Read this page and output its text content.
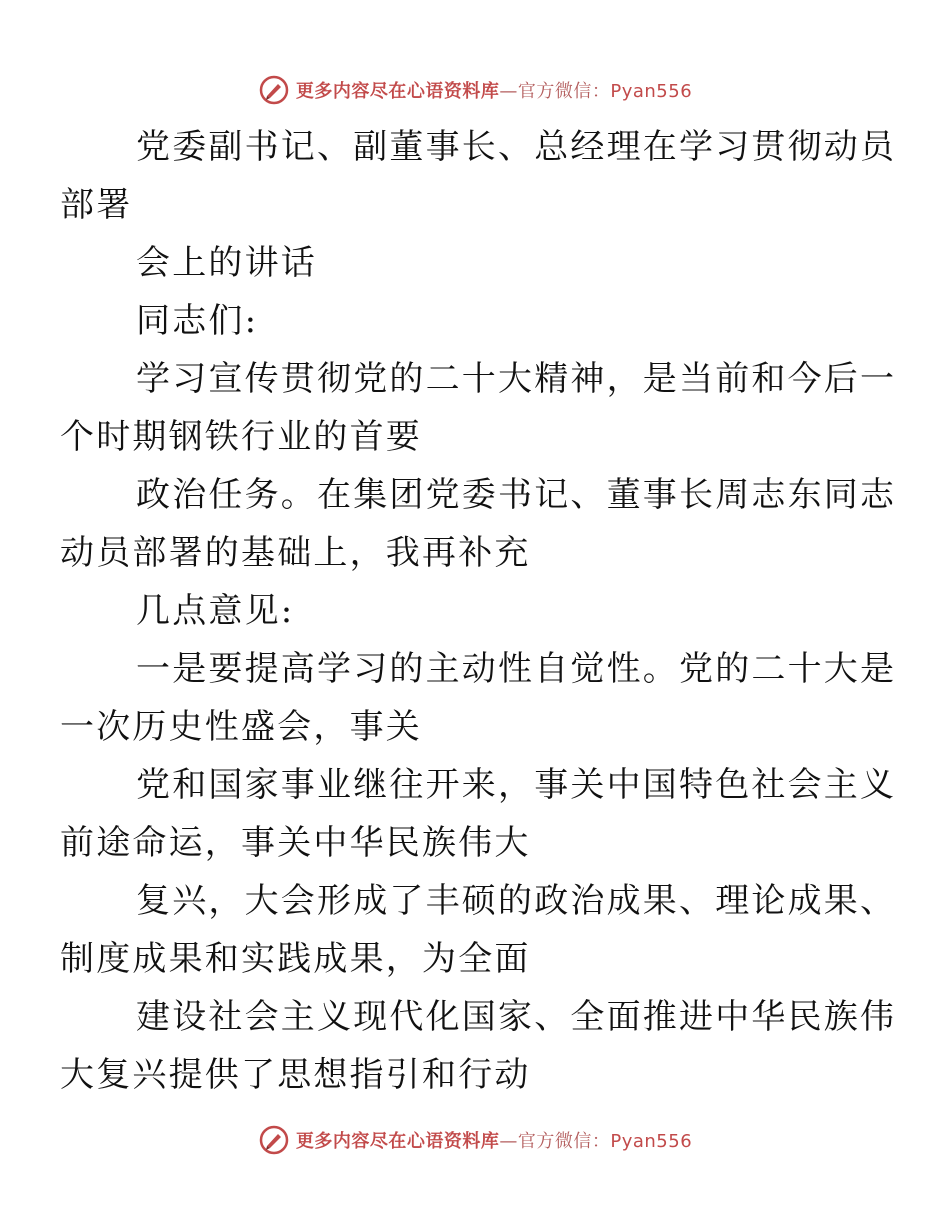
更多内容尽在心语资料库—官方微信：Pyan556

党委副书记、副董事长、总经理在学习贯彻动员
部署

会上的讲话

同志们:

学习宣传贯彻党的二十大精神，是当前和今后一
个时期钢铁行业的首要

政治任务。在集团党委书记、董事长周志东同志
动员部署的基础上，我再补充

几点意见:

一是要提高学习的主动性自觉性。党的二十大是
一次历史性盛会，事关

党和国家事业继往开来，事关中国特色社会主义
前途命运，事关中华民族伟大

复兴，大会形成了丰硕的政治成果、理论成果、
制度成果和实践成果，为全面

建设社会主义现代化国家、全面推进中华民族伟
大复兴提供了思想指引和行动

更多内容尽在心语资料库—官方微信：Pyan556
